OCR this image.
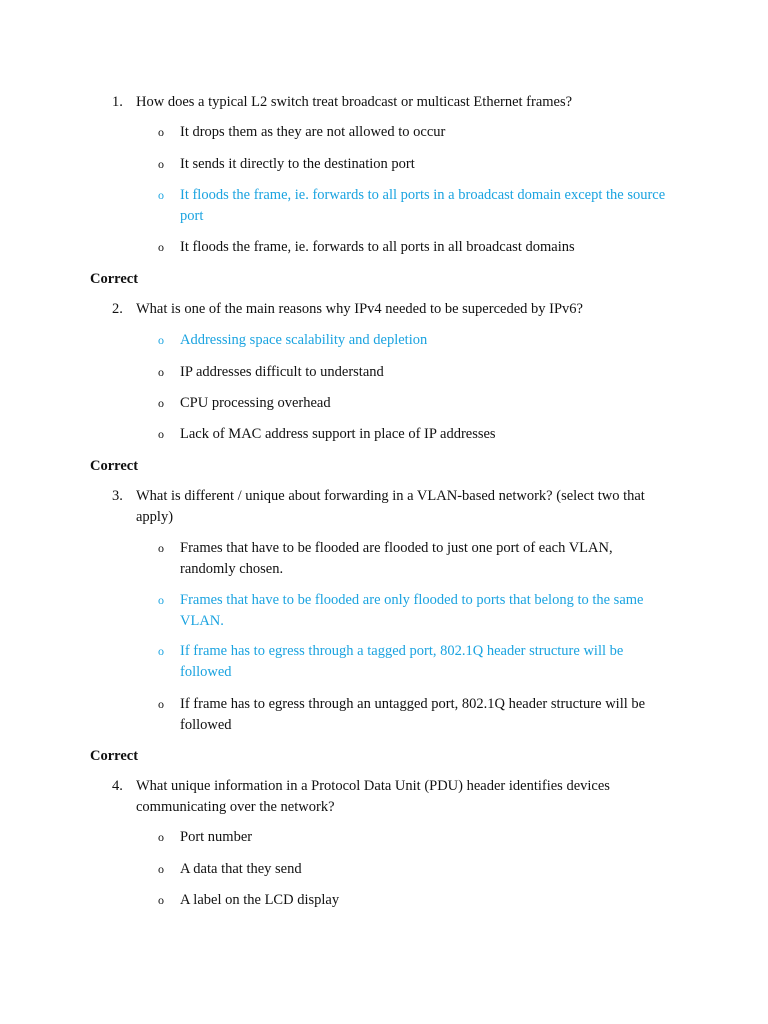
1. How does a typical L2 switch treat broadcast or multicast Ethernet frames?
o	It drops them as they are not allowed to occur
o	It sends it directly to the destination port
o	It floods the frame, ie. forwards to all ports in a broadcast domain except the source port
o	It floods the frame, ie. forwards to all ports in all broadcast domains
Correct
2. What is one of the main reasons why IPv4 needed to be superceded by IPv6?
o	Addressing space scalability and depletion
o	IP addresses difficult to understand
o	CPU processing overhead
o	Lack of MAC address support in place of IP addresses
Correct
3. What is different / unique about forwarding in a VLAN-based network? (select two that apply)
o	Frames that have to be flooded are flooded to just one port of each VLAN, randomly chosen.
o	Frames that have to be flooded are only flooded to ports that belong to the same VLAN.
o	If frame has to egress through a tagged port, 802.1Q header structure will be followed
o	If frame has to egress through an untagged port, 802.1Q header structure will be followed
Correct
4. What unique information in a Protocol Data Unit (PDU) header identifies devices communicating over the network?
o	Port number
o	A data that they send
o	A label on the LCD display
